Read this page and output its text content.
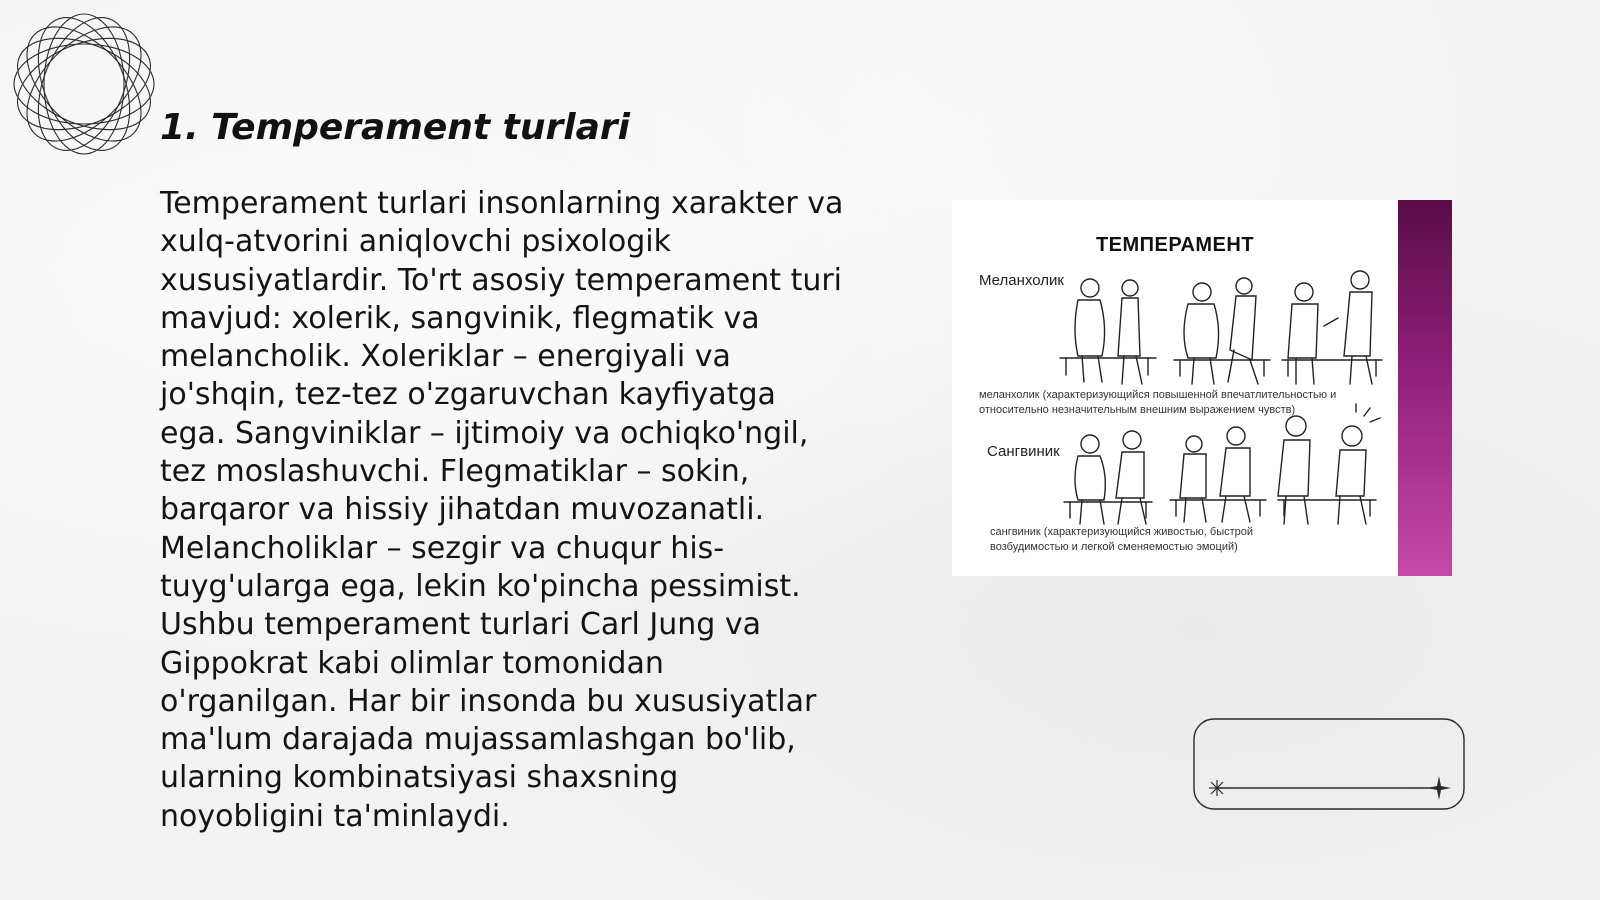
1. Temperament turlari

Temperament turlari insonlarning xarakter va xulq-atvorini aniqlovchi psixologik xususiyatlardir. To'rt asosiy temperament turi mavjud: xolerik, sangvinik, flegmatik va melancholik. Xoleriklar – energiyali va jo'shqin, tez-tez o'zgaruvchan kayfiyatga ega. Sangviniklar – ijtimoiy va ochiqko'ngil, tez moslashuvchi. Flegmatiklar – sokin, barqaror va hissiy jihatdan muvozanatli. Melancholiklar – sezgir va chuqur his-tuyg'ularga ega, lekin ko'pincha pessimist. Ushbu temperament turlari Carl Jung va Gippokrat kabi olimlar tomonidan o'rganilgan. Har bir insonda bu xususiyatlar ma'lum darajada mujassamlashgan bo'lib, ularning kombinatsiyasi shaxsning noyobligini ta'minlaydi.

ТЕМПЕРАМЕНТ
Меланхолик
меланхолик (характеризующийся повышенной впечатлительностью и
относительно незначительным внешним выражением чувств)
Сангвиник
сангвиник (характеризующийся живостью, быстрой
возбудимостью и легкой сменяемостью эмоций)
